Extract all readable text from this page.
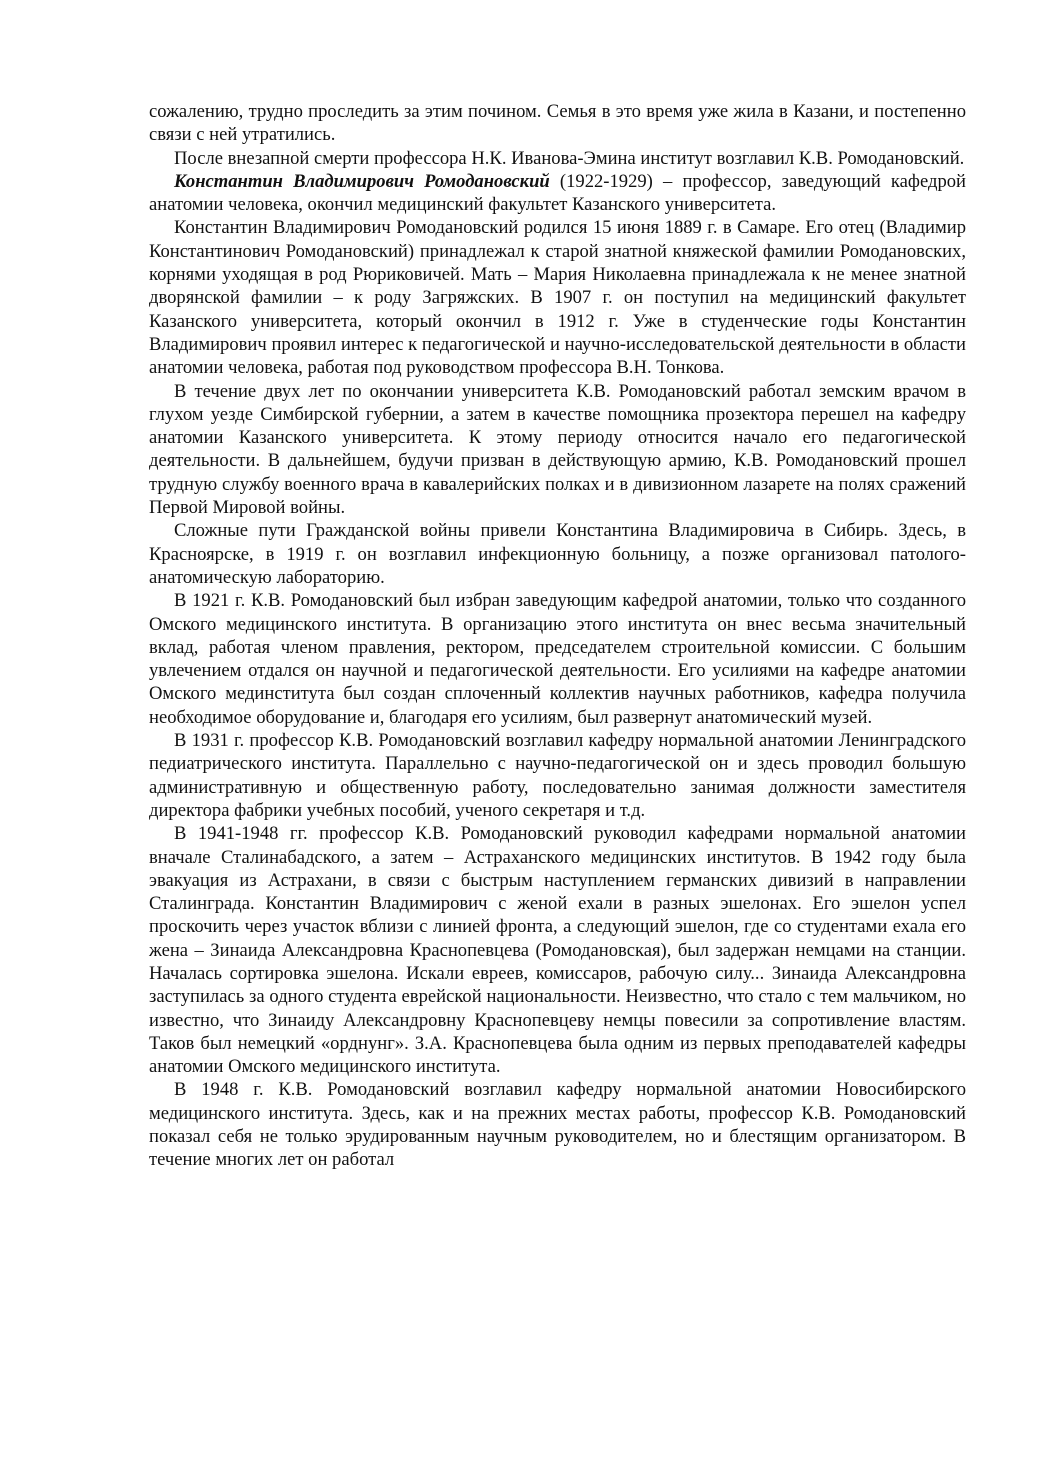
сожалению, трудно проследить за этим почином. Семья в это время уже жила в Казани, и постепенно связи с ней утратились.

После внезапной смерти профессора Н.К. Иванова-Эмина институт возглавил К.В. Ромодановский.

Константин Владимирович Ромодановский (1922-1929) – профессор, заведующий кафедрой анатомии человека, окончил медицинский факультет Казанского университета.

Константин Владимирович Ромодановский родился 15 июня 1889 г. в Самаре. Его отец (Владимир Константинович Ромодановский) принадлежал к старой знатной княжеской фамилии Ромодановских, корнями уходящая в род Рюриковичей. Мать – Мария Николаевна принадлежала к не менее знатной дворянской фамилии – к роду Загряжских. В 1907 г. он поступил на медицинский факультет Казанского университета, который окончил в 1912 г. Уже в студенческие годы Константин Владимирович проявил интерес к педагогической и научно-исследовательской деятельности в области анатомии человека, работая под руководством профессора В.Н. Тонкова.

В течение двух лет по окончании университета К.В. Ромодановский работал земским врачом в глухом уезде Симбирской губернии, а затем в качестве помощника прозектора перешел на кафедру анатомии Казанского университета. К этому периоду относится начало его педагогической деятельности. В дальнейшем, будучи призван в действующую армию, К.В. Ромодановский прошел трудную службу военного врача в кавалерийских полках и в дивизионном лазарете на полях сражений Первой Мировой войны.

Сложные пути Гражданской войны привели Константина Владимировича в Сибирь. Здесь, в Красноярске, в 1919 г. он возглавил инфекционную больницу, а позже организовал патолого-анатомическую лабораторию.

В 1921 г. К.В. Ромодановский был избран заведующим кафедрой анатомии, только что созданного Омского медицинского института. В организацию этого института он внес весьма значительный вклад, работая членом правления, ректором, председателем строительной комиссии. С большим увлечением отдался он научной и педагогической деятельности. Его усилиями на кафедре анатомии Омского мединститута был создан сплоченный коллектив научных работников, кафедра получила необходимое оборудование и, благодаря его усилиям, был развернут анатомический музей.

В 1931 г. профессор К.В. Ромодановский возглавил кафедру нормальной анатомии Ленинградского педиатрического института. Параллельно с научно-педагогической он и здесь проводил большую административную и общественную работу, последовательно занимая должности заместителя директора фабрики учебных пособий, ученого секретаря и т.д.

В 1941-1948 гг. профессор К.В. Ромодановский руководил кафедрами нормальной анатомии вначале Сталинабадского, а затем – Астраханского медицинских институтов. В 1942 году была эвакуация из Астрахани, в связи с быстрым наступлением германских дивизий в направлении Сталинграда. Константин Владимирович с женой ехали в разных эшелонах. Его эшелон успел проскочить через участок вблизи с линией фронта, а следующий эшелон, где со студентами ехала его жена – Зинаида Александровна Краснопевцева (Ромодановская), был задержан немцами на станции. Началась сортировка эшелона. Искали евреев, комиссаров, рабочую силу... Зинаида Александровна заступилась за одного студента еврейской национальности. Неизвестно, что стало с тем мальчиком, но известно, что Зинаиду Александровну Краснопевцеву немцы повесили за сопротивление властям. Таков был немецкий «орднунг». З.А. Краснопевцева была одним из первых преподавателей кафедры анатомии Омского медицинского института.

В 1948 г. К.В. Ромодановский возглавил кафедру нормальной анатомии Новосибирского медицинского института. Здесь, как и на прежних местах работы, профессор К.В. Ромодановский показал себя не только эрудированным научным руководителем, но и блестящим организатором. В течение многих лет он работал
